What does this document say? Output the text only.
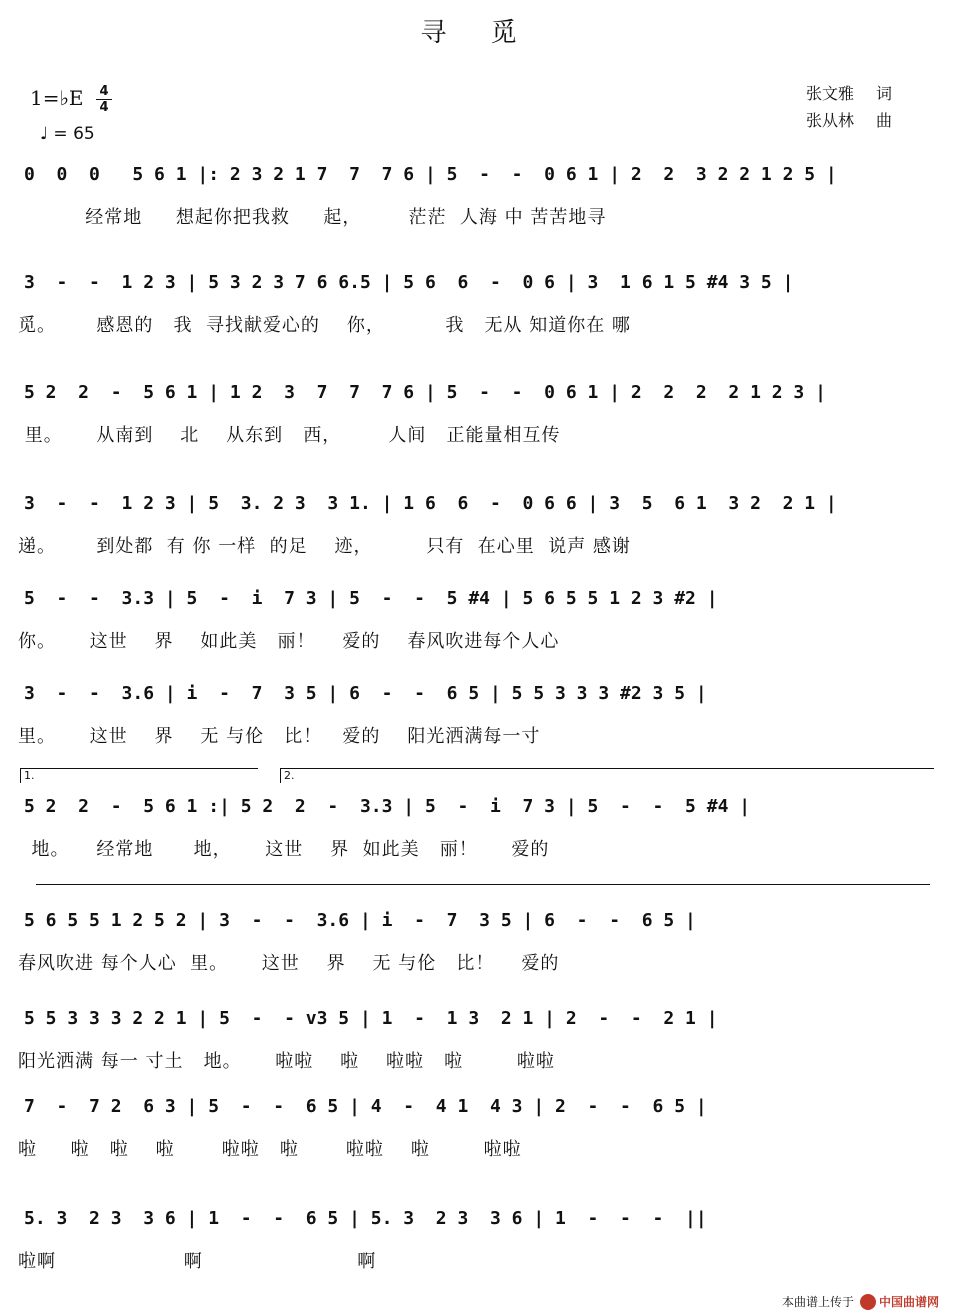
寻 觅
1=♭E 4
4
♩ = 65
张文雅 词
张从林 曲
1.	2.
0  0  0   5 6 1 |: 2 3 2 1 7  7  7 6 | 5  -  -  0 6 1 | 2  2  3 2 2 1 2 5 |
经常地     想起你把我救     起，       茫茫  人海 中 苦苦地寻
3  -  -  1 2 3 | 5 3 2 3 7 6 6.5 | 5 6  6  -  0 6 | 3  1 6 1 5 #4 3 5 |
觅。      感恩的   我  寻找献爱心的    你，         我   无从 知道你在 哪
5 2  2  -  5 6 1 | 1 2  3  7  7  7 6 | 5  -  -  0 6 1 | 2  2  2  2 1 2 3 |
里。     从南到    北    从东到   西，       人间   正能量相互传
3  -  -  1 2 3 | 5  3. 2 3  3 1. | 1 6  6  -  0 6 6 | 3  5  6 1  3 2  2 1 |
递。      到处都  有 你 一样  的足    迹，        只有  在心里  说声 感谢
5  -  -  3.3 | 5  -  i  7 3 | 5  -  -  5 #4 | 5 6 5 5 1 2 3 #2 |
你。     这世    界    如此美   丽！    爱的    春风吹进每个人心
3  -  -  3.6 | i  -  7  3 5 | 6  -  -  6 5 | 5 5 3 3 3 #2 3 5 |
里。     这世    界    无 与伦   比！   爱的    阳光洒满每一寸
5 2  2  -  5 6 1 :| 5 2  2  -  3.3 | 5  -  i  7 3 | 5  -  -  5 #4 |
地。    经常地      地，     这世    界  如此美   丽！     爱的
5 6 5 5 1 2 5 2 | 3  -  -  3.6 | i  -  7  3 5 | 6  -  -  6 5 |
春风吹进 每个人心  里。     这世    界    无 与伦   比！    爱的
5 5 3 3 3 2 2 1 | 5  -  - v3 5 | 1  -  1 3  2 1 | 2  -  -  2 1 |
阳光洒满 每一 寸土   地。     啦啦    啦    啦啦   啦        啦啦
7  -  7 2  6 3 | 5  -  -  6 5 | 4  -  4 1  4 3 | 2  -  -  6 5 |
啦     啦   啦    啦       啦啦   啦       啦啦    啦        啦啦
5. 3  2 3  3 6 | 1  -  -  6 5 | 5. 3  2 3  3 6 | 1  -  -  -  ||
啦啊                   啊                       啊
本曲谱上传于 中国曲谱网
